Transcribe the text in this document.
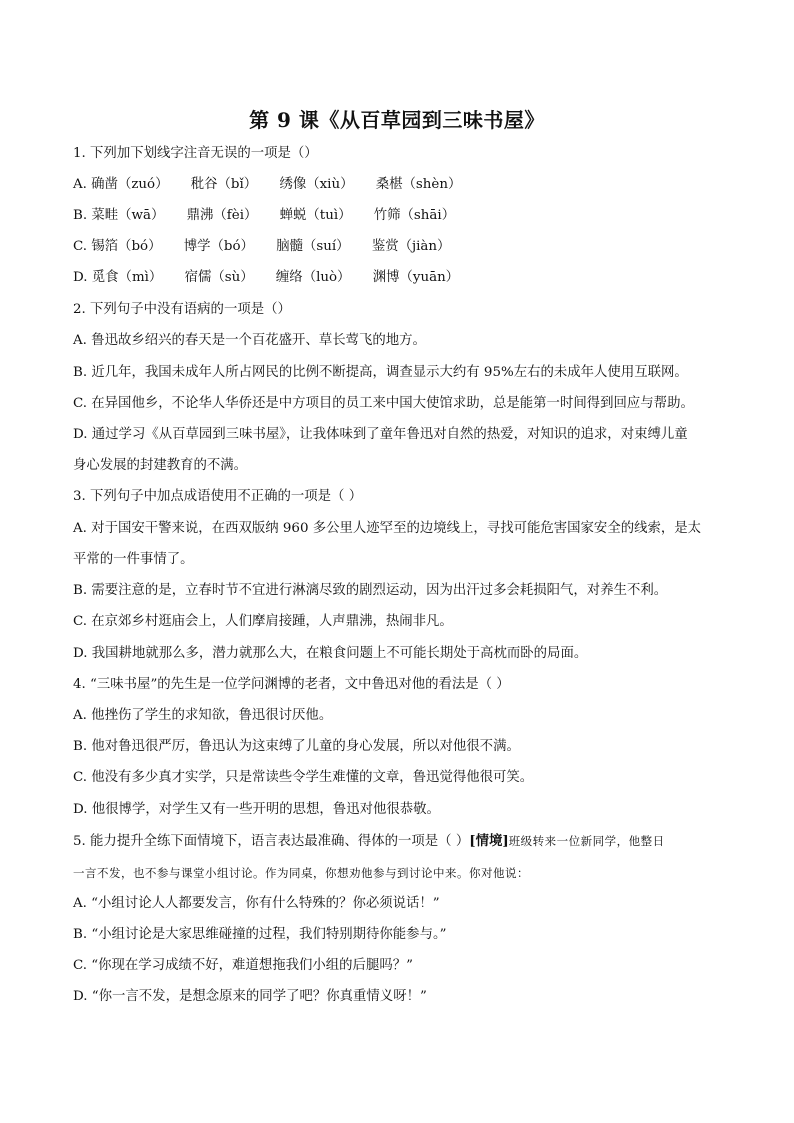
第 9 课《从百草园到三味书屋》
1. 下列加下划线字注音无误的一项是（）
A. 确凿（zuó） 秕谷（bǐ） 绣像（xiù） 桑椹（shèn）
B. 菜畦（wā） 鼎沸（fèi） 蝉蜕（tuì） 竹筛（shāi）
C. 锡箔（bó） 博学（bó） 脑髓（suí） 鉴赏（jiàn）
D. 觅食（mì） 宿儒（sù） 缠络（luò） 渊博（yuān）
2. 下列句子中没有语病的一项是（）
A. 鲁迅故乡绍兴的春天是一个百花盛开、草长莺飞的地方。
B. 近几年，我国未成年人所占网民的比例不断提高，调查显示大约有 95%左右的未成年人使用互联网。
C. 在异国他乡，不论华人华侨还是中方项目的员工来中国大使馆求助，总是能第一时间得到回应与帮助。
D. 通过学习《从百草园到三味书屋》，让我体味到了童年鲁迅对自然的热爱，对知识的追求，对束缚儿童
身心发展的封建教育的不满。
3. 下列句子中加点成语使用不正确的一项是（ ）
A. 对于国安干警来说，在西双版纳 960 多公里人迹罕至的边境线上，寻找可能危害国家安全的线索，是太
平常的一件事情了。
B. 需要注意的是，立春时节不宜进行淋漓尽致的剧烈运动，因为出汗过多会耗损阳气，对养生不利。
C. 在京郊乡村逛庙会上，人们摩肩接踵，人声鼎沸，热闹非凡。
D. 我国耕地就那么多，潜力就那么大，在粮食问题上不可能长期处于高枕而卧的局面。
4. “三味书屋”的先生是一位学问渊博的老者，文中鲁迅对他的看法是（ ）
A. 他挫伤了学生的求知欲，鲁迅很讨厌他。
B. 他对鲁迅很严厉，鲁迅认为这束缚了儿童的身心发展，所以对他很不满。
C. 他没有多少真才实学，只是常读些令学生难懂的文章，鲁迅觉得他很可笑。
D. 他很博学，对学生又有一些开明的思想，鲁迅对他很恭敬。
5. 能力提升全练下面情境下，语言表达最准确、得体的一项是（ ）[情境]班级转来一位新同学，他整日
一言不发，也不参与课堂小组讨论。作为同桌，你想劝他参与到讨论中来。你对他说：
A. “小组讨论人人都要发言，你有什么特殊的？你必须说话！”
B. “小组讨论是大家思维碰撞的过程，我们特别期待你能参与。”
C. “你现在学习成绩不好，难道想拖我们小组的后腿吗？”
D. “你一言不发，是想念原来的同学了吧？你真重情义呀！”
